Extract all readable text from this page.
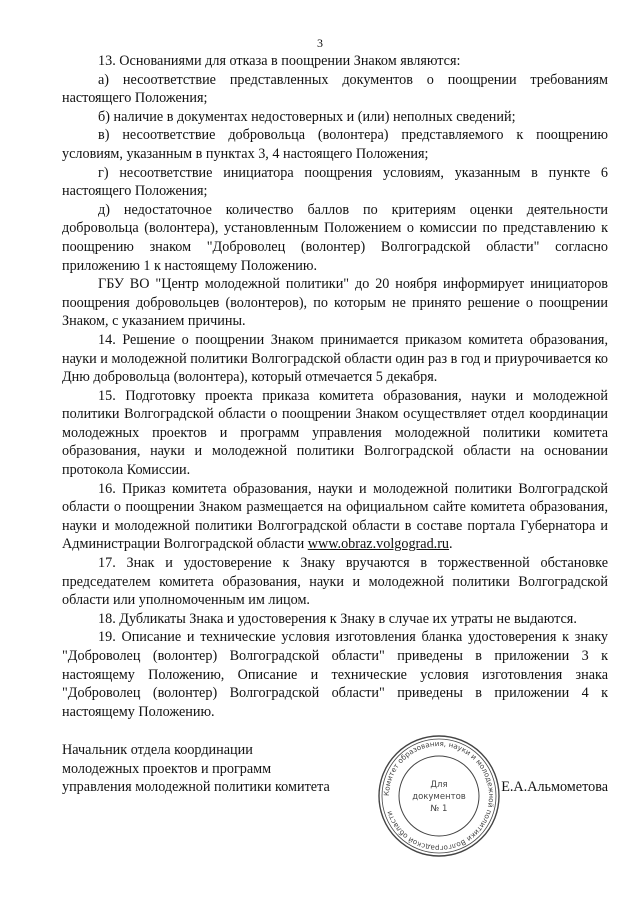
3

13. Основаниями для отказа в поощрении Знаком являются:

а) несоответствие представленных документов о поощрении требованиям настоящего Положения;

б) наличие в документах недостоверных и (или) неполных сведений;

в) несоответствие добровольца (волонтера) представляемого к поощрению условиям, указанным в пунктах 3, 4 настоящего Положения;

г) несоответствие инициатора поощрения условиям, указанным в пункте 6 настоящего Положения;

д) недостаточное количество баллов по критериям оценки деятельности добровольца (волонтера), установленным Положением о комиссии по представлению к поощрению знаком "Доброволец (волонтер) Волгоградской области" согласно приложению 1 к настоящему Положению.

ГБУ ВО "Центр молодежной политики" до 20 ноября информирует инициаторов поощрения добровольцев (волонтеров), по которым не принято решение о поощрении Знаком, с указанием причины.

14. Решение о поощрении Знаком принимается приказом комитета образования, науки и молодежной политики Волгоградской области один раз в год и приурочивается ко Дню добровольца (волонтера), который отмечается 5 декабря.

15. Подготовку проекта приказа комитета образования, науки и молодежной политики Волгоградской области о поощрении Знаком осуществляет отдел координации молодежных проектов и программ управления молодежной политики комитета образования, науки и молодежной политики Волгоградской области на основании протокола Комиссии.

16. Приказ комитета образования, науки и молодежной политики Волгоградской области о поощрении Знаком размещается на официальном сайте комитета образования, науки и молодежной политики Волгоградской области в составе портала Губернатора и Администрации Волгоградской области www.obraz.volgograd.ru.

17. Знак и удостоверение к Знаку вручаются в торжественной обстановке председателем комитета образования, науки и молодежной политики Волгоградской области или уполномоченным им лицом.

18. Дубликаты Знака и удостоверения к Знаку в случае их утраты не выдаются.

19. Описание и технические условия изготовления бланка удостоверения к знаку "Доброволец (волонтер) Волгоградской области" приведены в приложении 3 к настоящему Положению, Описание и технические условия изготовления знака "Доброволец (волонтер) Волгоградской области" приведены в приложении 4 к настоящему Положению.

Начальник отдела координации
молодежных проектов и программ
управления молодежной политики комитета	Комитет образования, науки и молодежной политики Волгоградской области
Для
документов
№ 1
Е.А.Альмометова
